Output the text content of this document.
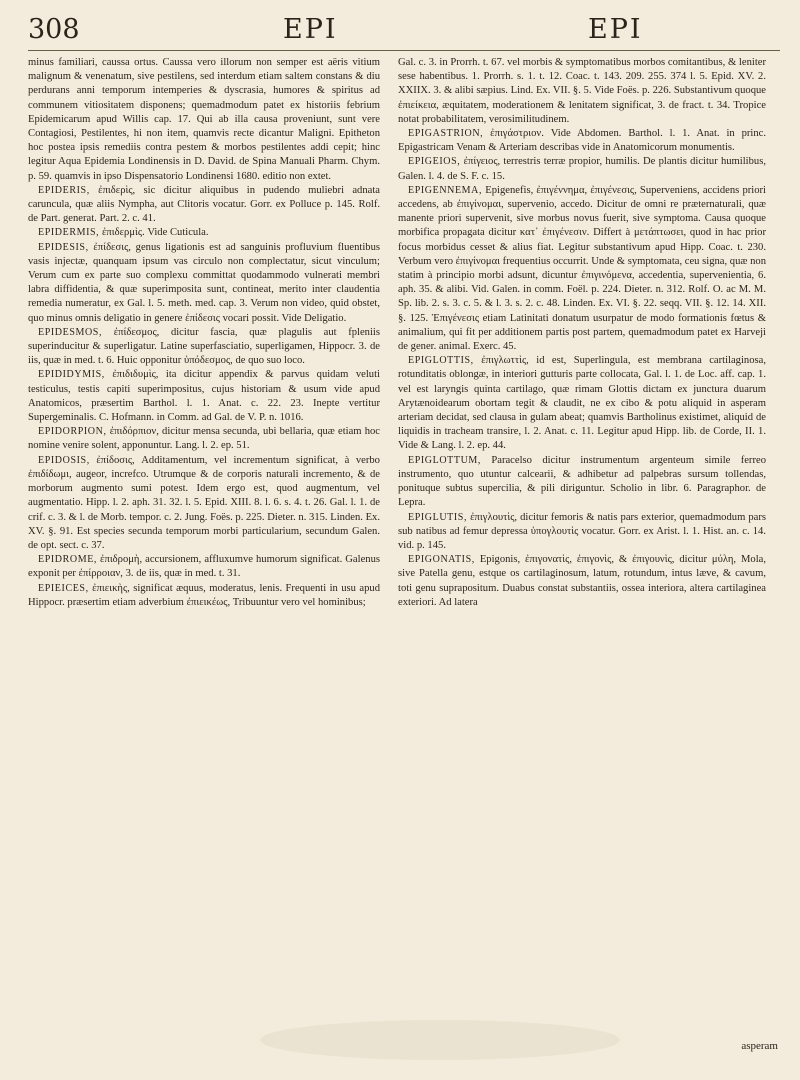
308	EPI	EPI

minus familiari, caussa ortus. Caussa vero illorum non semper est aëris vitium malignum & venenatum, sive pestilens, sed interdum etiam saltem constans & diu perdurans anni temporum intemperies & dyscrasia, humores & spiritus ad communem vitiositatem disponens; quemadmodum patet ex historiis febrium Epidemicarum apud Willis cap. 17. Qui ab illa causa proveniunt, sunt vere Contagiosi, Pestilentes, hi non item, quamvis recte dicantur Maligni. Epitheton hoc postea ipsis remediis contra pestem & morbos pestilentes addi cepit; hinc legitur Aqua Epidemia Londinensis in D. David. de Spina Manuali Pharm. Chym. p. 59. quamvis in ipso Dispensatorio Londinensi 1680. editio non extet.

EPIDERIS, ἐπιδερὶς, sic dicitur aliquibus in pudendo muliebri adnata caruncula, quæ aliis Nympha, aut Clitoris vocatur. Gorr. ex Polluce p. 145. Rolf. de Part. generat. Part. 2. c. 41.

EPIDERMIS, ἐπιδερμὶς. Vide Cuticula.

EPIDESIS, ἐπίδεσις, genus ligationis est ad sanguinis profluvium fluentibus vasis injectæ, quanquam ipsum vas circulo non complectatur, sicut vinculum; Verum cum ex parte suo complexu committat quodammodo vulnerati membri labra diffidentia, & quæ superimposita sunt, contineat, merito inter claudentia remedia numeratur, ex Gal. l. 5. meth. med. cap. 3. Verum non video, quid obstet, quo minus omnis deligatio in genere ἐπίδεσις vocari possit. Vide Deligatio.

EPIDESMOS, ἐπίδεσμος, dicitur fascia, quæ plagulis aut fpleniis superinducitur & superligatur. Latine superfasciatio, superligamen, Hippocr. 3. de iis, quæ in med. t. 6. Huic opponitur ὑπόδεσμος, de quo suo loco.

EPIDIDYMIS, ἐπιδιδυμὶς, ita dicitur appendix & parvus quidam veluti testiculus, testis capiti superimpositus, cujus historiam & usum vide apud Anatomicos, præsertim Barthol. l. 1. Anat. c. 22. 23. Inepte vertitur Supergeminalis. C. Hofmann. in Comm. ad Gal. de V. P. n. 1016.

EPIDORPION, ἐπιδόρπιον, dicitur mensa secunda, ubi bellaria, quæ etiam hoc nomine venire solent, apponuntur. Lang. l. 2. ep. 51.

EPIDOSIS, ἐπίδοσις, Additamentum, vel incrementum significat, à verbo ἐπιδίδωμι, augeor, increfco. Utrumque & de corporis naturali incremento, & de morborum augmento sumi potest. Idem ergo est, quod augmentum, vel augmentatio. Hipp. l. 2. aph. 31. 32. l. 5. Epid. XIII. 8. l. 6. s. 4. t. 26. Gal. l. 1. de crif. c. 3. & l. de Morb. tempor. c. 2. Jung. Foës. p. 225. Dieter. n. 315. Linden. Ex. XV. §. 91. Est species secunda temporum morbi particularium, secundum Galen. de opt. sect. c. 37.

EPIDROME, ἐπιδρομὴ, accursionem, affluxumve humorum significat. Galenus exponit per ἐπίρροιαν, 3. de iis, quæ in med. t. 31.

EPIEICES, ἐπιεικὴς, significat æquus, moderatus, lenis. Frequenti in usu apud Hippocr. præsertim etiam adverbium ἐπιεικέως, Tribuuntur vero vel hominibus;

Gal. c. 3. in Prorrh. t. 67. vel morbis & symptomatibus morbos comitantibus, & leniter sese habentibus. 1. Prorrh. s. 1. t. 12. Coac. t. 143. 209. 255. 374 l. 5. Epid. XV. 2. XXIIX. 3. & alibi sæpius. Lind. Ex. VII. §. 5. Vide Foës. p. 226. Substantivum quoque ἐπιείκεια, æquitatem, moderationem & lenitatem significat, 3. de fract. t. 34. Tropice notat probabilitatem, verosimilitudinem.

EPIGASTRION, ἐπιγάστριον. Vide Abdomen. Barthol. l. 1. Anat. in princ. Epigastricam Venam & Arteriam describas vide in Anatomicorum monumentis.

EPIGEIOS, ἐπίγειος, terrestris terræ propior, humilis. De plantis dicitur humilibus, Galen. l. 4. de S. F. c. 15.

EPIGENNEMA, Epigenefis, ἐπιγέννημα, ἐπιγένεσις, Superveniens, accidens priori accedens, ab ἐπιγίνομαι, supervenio, accedo. Dicitur de omni re præternaturali, quæ manente priori supervenit, sive morbus novus fuerit, sive symptoma. Causa quoque morbifica propagata dicitur κατ᾽ ἐπιγένεσιν. Differt à μετάπτωσει, quod in hac prior focus morbidus cesset & alius fiat. Legitur substantivum apud Hipp. Coac. t. 230. Verbum vero ἐπιγίνομαι frequentius occurrit. Unde & symptomata, ceu signa, quæ non statim à principio morbi adsunt, dicuntur ἐπιγινόμενα, accedentia, supervenientia, 6. aph. 35. & alibi. Vid. Galen. in comm. Foël. p. 224. Dieter. n. 312. Rolf. O. ac M. M. Sp. lib. 2. s. 3. c. 5. & l. 3. s. 2. c. 48. Linden. Ex. VI. §. 22. seqq. VII. §. 12. 14. XII. §. 125. Ἐπιγένεσις etiam Latinitati donatum usurpatur de modo formationis fœtus & animalium, qui fit per additionem partis post partem, quemadmodum patet ex Harveji de gener. animal. Exerc. 45.

EPIGLOTTIS, ἐπιγλωττὶς, id est, Superlingula, est membrana cartilaginosa, rotunditatis oblongæ, in interiori gutturis parte collocata, Gal. l. 1. de Loc. aff. cap. 1. vel est laryngis quinta cartilago, quæ rimam Glottis dictam ex junctura duarum Arytænoidearum obortam tegit & claudit, ne ex cibo & potu aliquid in asperam arteriam decidat, sed clausa in gulam abeat; quamvis Bartholinus existimet, aliquid de liquidis in tracheam transire, l. 2. Anat. c. 11. Legitur apud Hipp. lib. de Corde, II. 1. Vide & Lang. l. 2. ep. 44.

EPIGLOTTUM, Paracelso dicitur instrumentum argenteum simile ferreo instrumento, quo utuntur calcearii, & adhibetur ad palpebras sursum tollendas, ponituque subtus supercilia, & pili diriguntur. Scholio in libr. 6. Paragraphor. de Lepra.

EPIGLUTIS, ἐπιγλουτὶς, dicitur femoris & natis pars exterior, quemadmodum pars sub natibus ad femur depressa ὑπογλουτὶς vocatur. Gorr. ex Arist. l. 1. Hist. an. c. 14. vid. p. 145.

EPIGONATIS, Epigonis, ἐπιγονατὶς, ἐπιγονὶς, & ἐπιγουνὶς, dicitur μύλη, Mola, sive Patella genu, estque os cartilaginosum, latum, rotundum, intus læve, & cavum, toti genu suprapositum. Duabus constat substantiis, ossea interiora, altera cartilaginea exteriori. Ad latera

asperam
